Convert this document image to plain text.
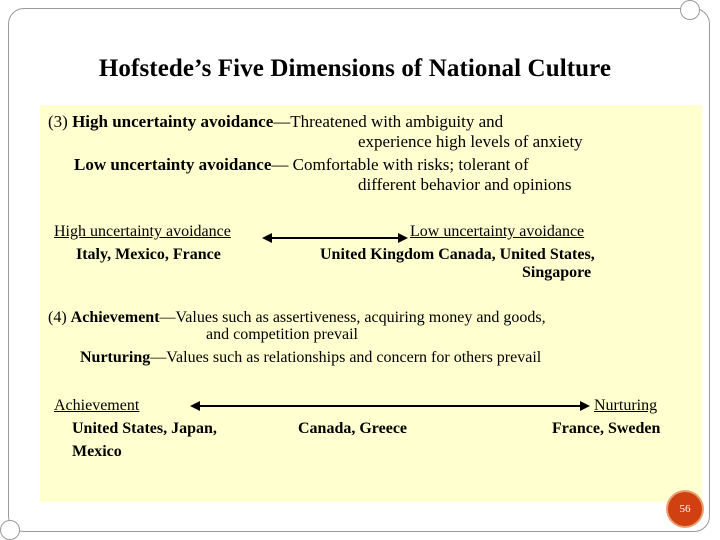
Hofstede’s Five Dimensions of National Culture
(3) High uncertainty avoidance—Threatened with ambiguity and
experience high levels of anxiety
Low uncertainty avoidance— Comfortable with risks; tolerant of
different behavior and opinions
High uncertainty avoidance
Italy, Mexico, France
Low uncertainty avoidance
United Kingdom Canada, United States,
Singapore
(4) Achievement—Values such as assertiveness, acquiring money and goods,
and competition prevail
Nurturing—Values such as relationships and concern for others prevail
Achievement
United States, Japan,
Mexico
Canada, Greece
Nurturing
France, Sweden
56
